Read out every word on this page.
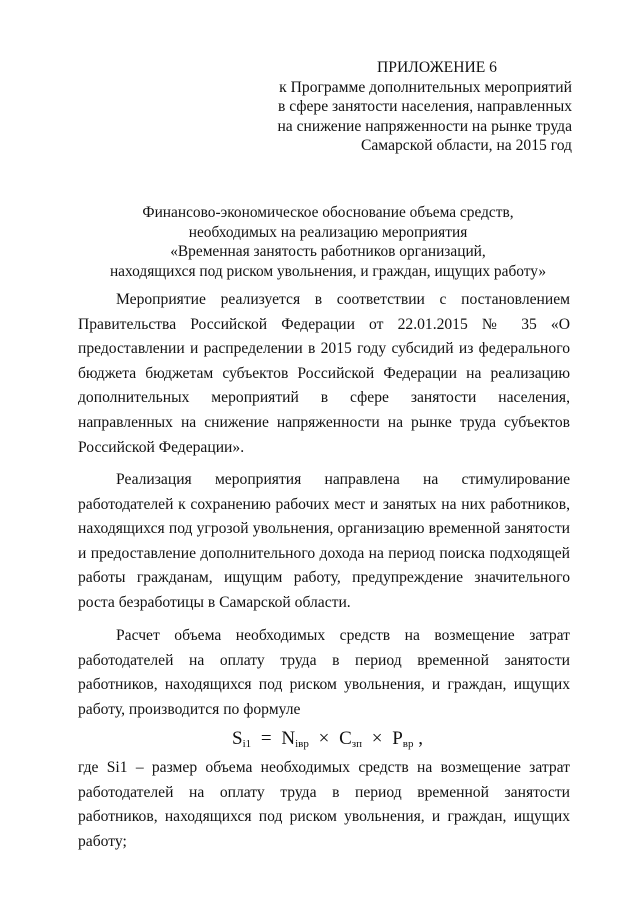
ПРИЛОЖЕНИЕ 6
к Программе дополнительных мероприятий
в сфере занятости населения, направленных
на снижение напряженности на рынке труда
Самарской области, на 2015 год
Финансово-экономическое обоснование объема средств,
необходимых на реализацию мероприятия
«Временная занятость работников организаций,
находящихся под риском увольнения, и граждан, ищущих работу»

Мероприятие реализуется в соответствии с постановлением Правительства Российской Федерации от 22.01.2015 № 35 «О предоставлении и распределении в 2015 году субсидий из федерального бюджета бюджетам субъектов Российской Федерации на реализацию дополнительных мероприятий в сфере занятости населения, направленных на снижение напряженности на рынке труда субъектов Российской Федерации».

Реализация мероприятия направлена на стимулирование работодателей к сохранению рабочих мест и занятых на них работников, находящихся под угрозой увольнения, организацию временной занятости и предоставление дополнительного дохода на период поиска подходящей работы гражданам, ищущим работу, предупреждение значительного роста безработицы в Самарской области.

Расчет объема необходимых средств на возмещение затрат работодателей на оплату труда в период временной занятости работников, находящихся под риском увольнения, и граждан, ищущих работу, производится по формуле

$S_{i1} = N_{івр} \times C_{зп} \times P_{вр}$ ,

где Sі1 – размер объема необходимых средств на возмещение затрат работодателей на оплату труда в период временной занятости работников, находящихся под риском увольнения, и граждан, ищущих работу;
